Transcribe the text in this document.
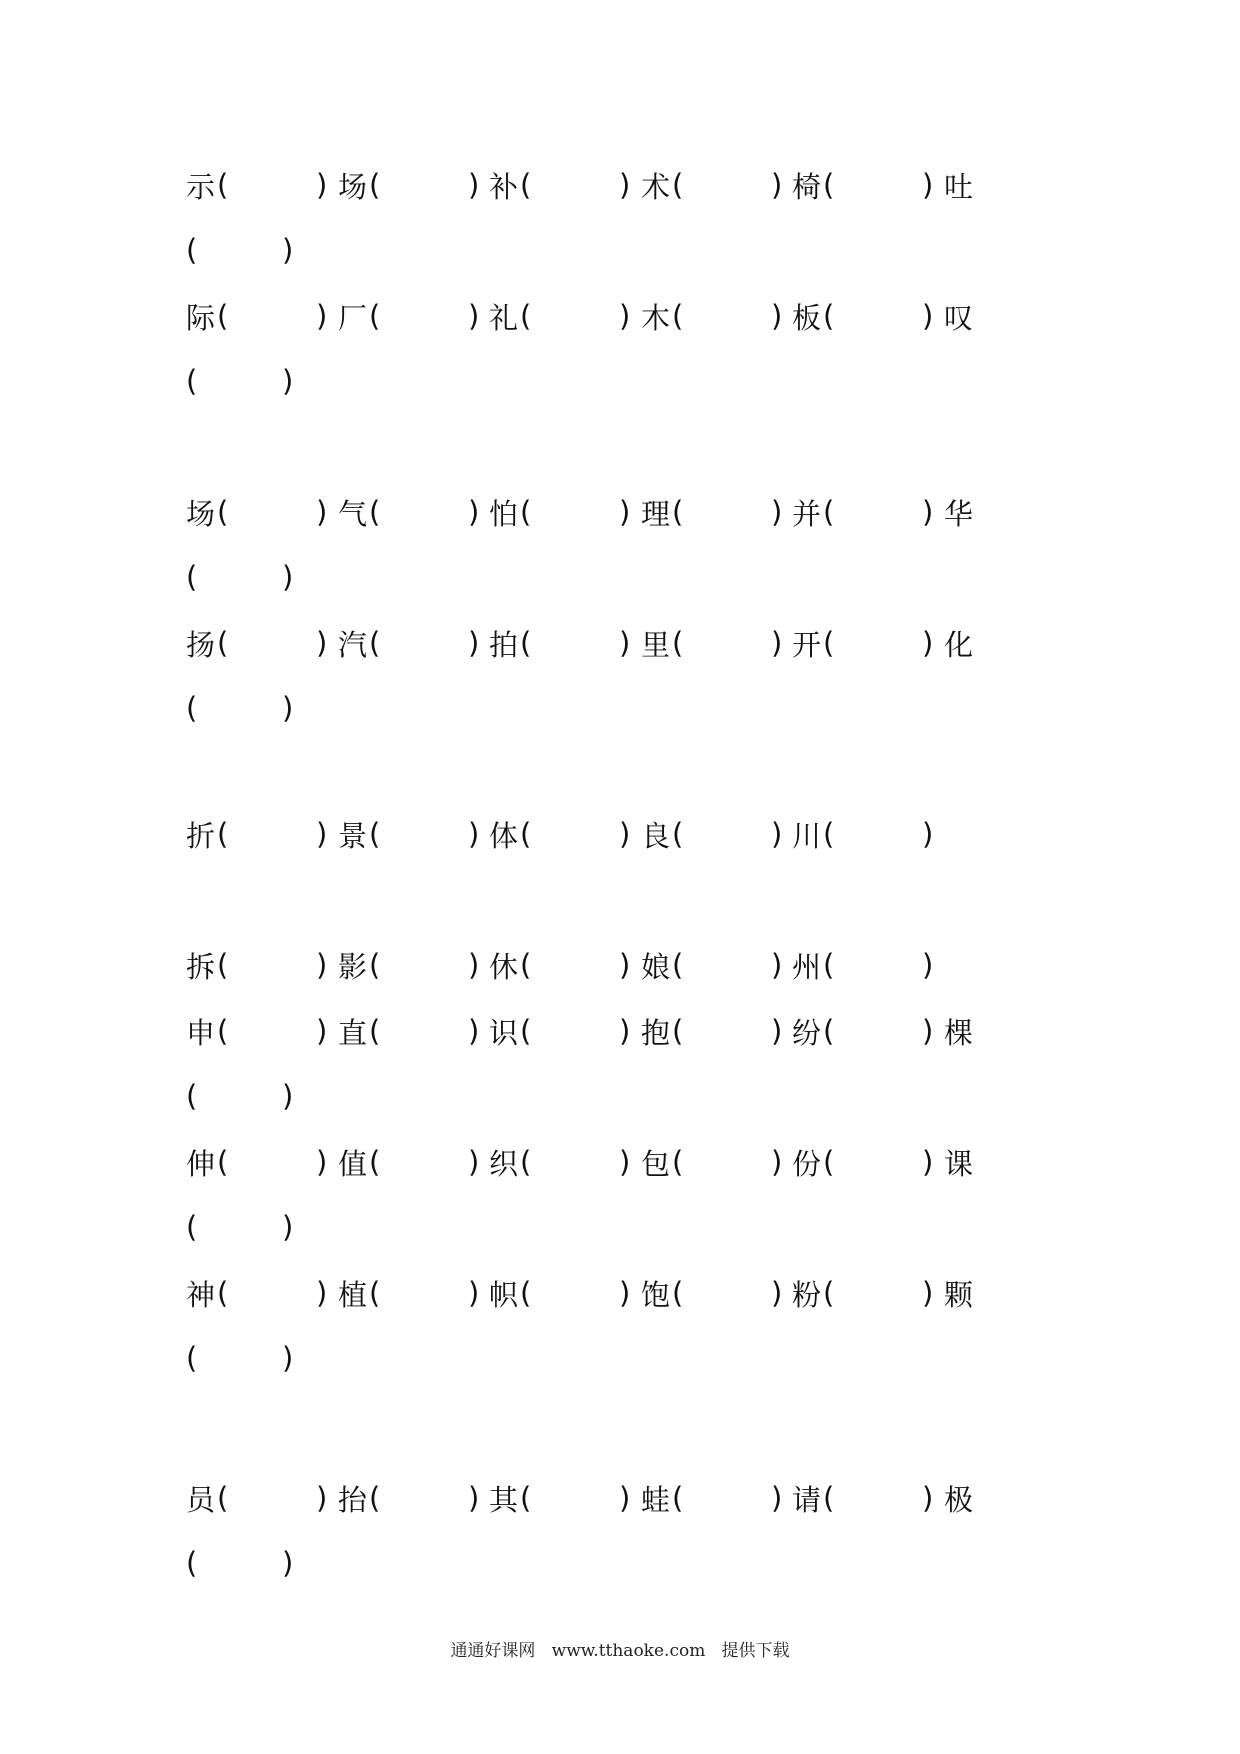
示 (	) 场 (	) 补 (	) 术 (	) 椅 (	) 吐
(	)
际 (	) 厂 (	) 礼 (	) 木 (	) 板 (	) 叹
(	)
场 (	) 气 (	) 怕 (	) 理 (	) 并 (	) 华
(	)
扬 (	) 汽 (	) 拍 (	) 里 (	) 开 (	) 化
(	)
折 (	) 景 (	) 体 (	) 良 (	) 川 (	)
拆 (	) 影 (	) 休 (	) 娘 (	) 州 (	)
申 (	) 直 (	) 识 (	) 抱 (	) 纷 (	) 棵
(	)
伸 (	) 值 (	) 织 (	) 包 (	) 份 (	) 课
(	)
神 (	) 植 (	) 帜 (	) 饱 (	) 粉 (	) 颗
(	)
员 (	) 抬 (	) 其 (	) 蛙 (	) 请 (	) 极
(	)
通通好课网 www.tthaoke.com 提供下载
